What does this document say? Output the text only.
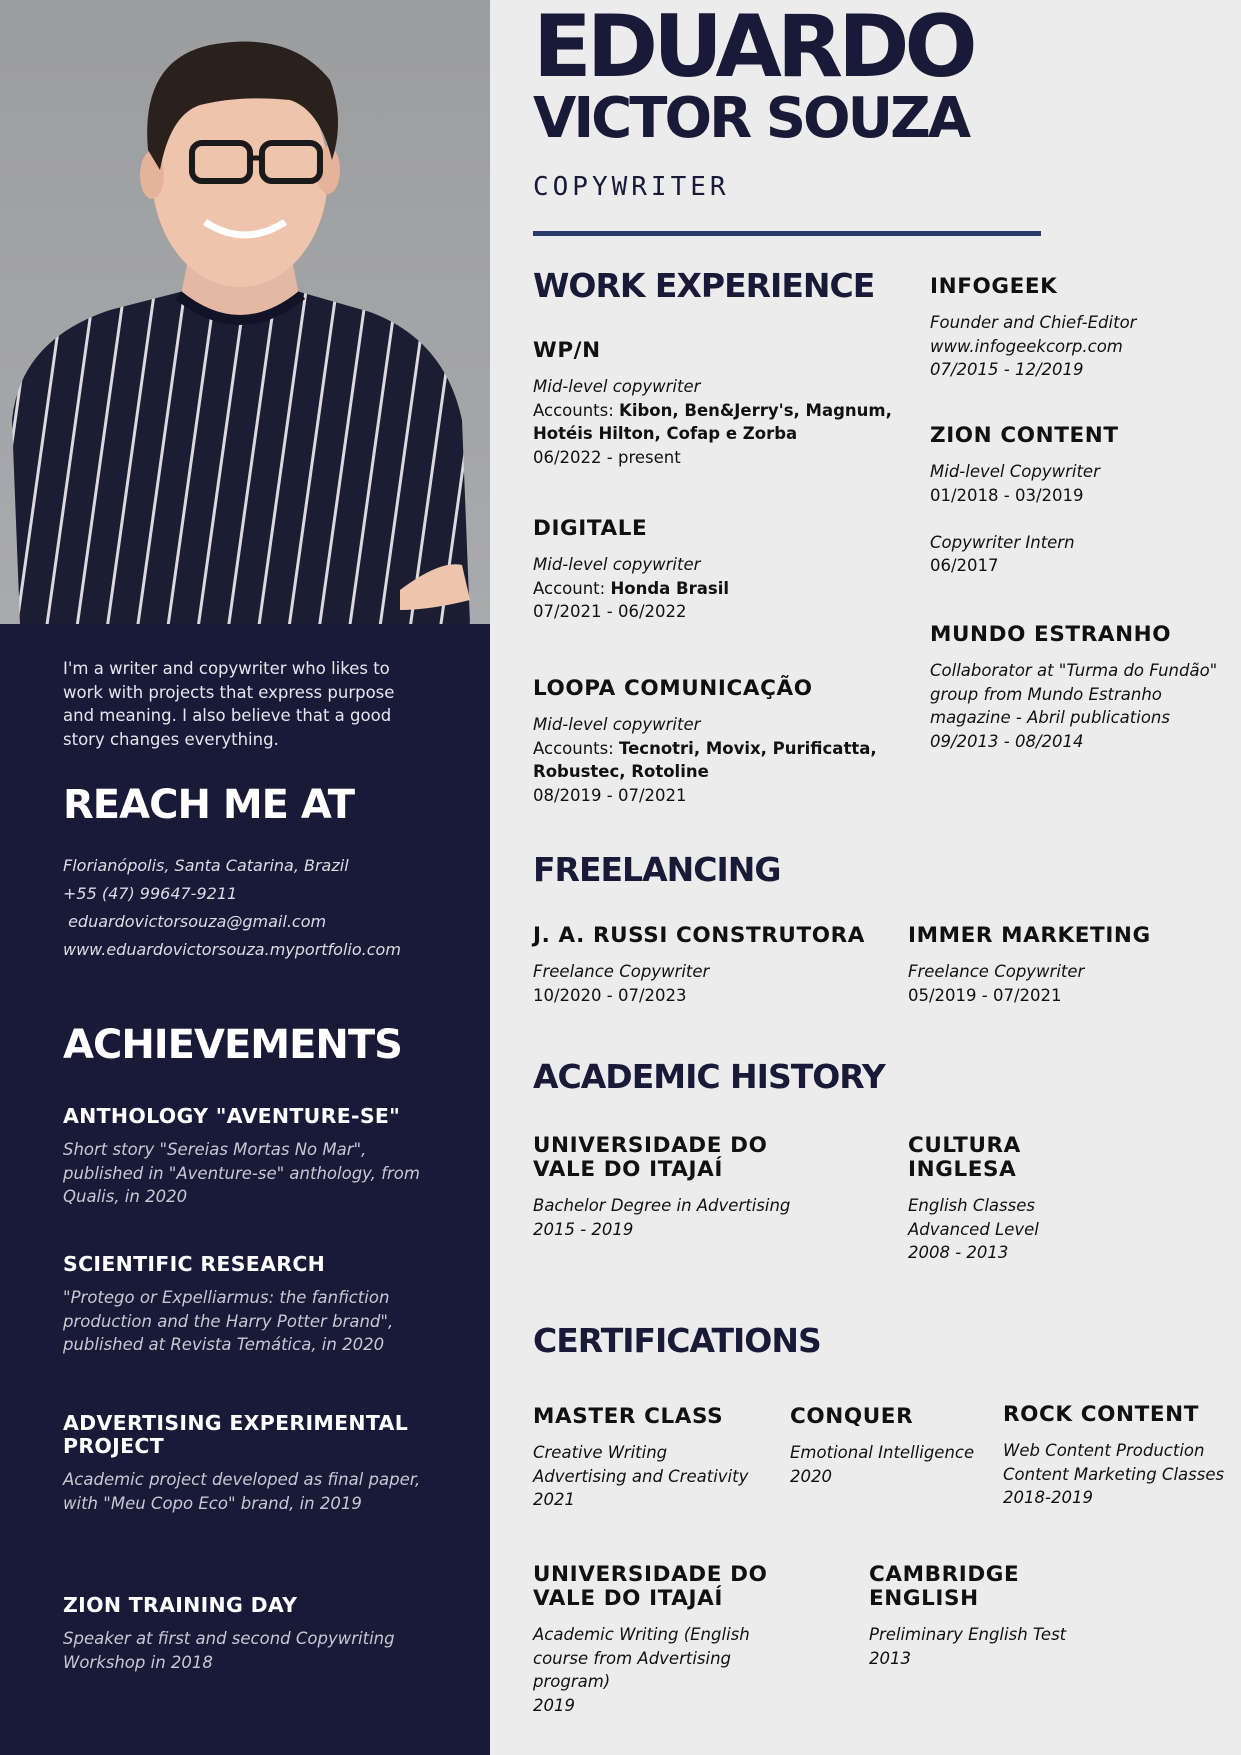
I'm a writer and copywriter who likes to work with projects that express purpose and meaning. I also believe that a good story changes everything.
REACH ME AT
Florianópolis, Santa Catarina, Brazil
+55 (47) 99647-9211
eduardovictorsouza@gmail.com
www.eduardovictorsouza.myportfolio.com
ACHIEVEMENTS
ANTHOLOGY "AVENTURE-SE"
Short story "Sereias Mortas No Mar", published in "Aventure-se" anthology, from Qualis, in 2020
SCIENTIFIC RESEARCH
"Protego or Expelliarmus: the fanfiction production and the Harry Potter brand", published at Revista Temática, in 2020
ADVERTISING EXPERIMENTAL PROJECT
Academic project developed as final paper, with "Meu Copo Eco" brand, in 2019
ZION TRAINING DAY
Speaker at first and second Copywriting Workshop in 2018
EDUARDO
VICTOR SOUZA
COPYWRITER
WORK EXPERIENCE
WP/N
Mid-level copywriter
Accounts: Kibon, Ben&Jerry's, Magnum,
Hotéis Hilton, Cofap e Zorba
06/2022 - present
DIGITALE
Mid-level copywriter
Account: Honda Brasil
07/2021 - 06/2022
LOOPA COMUNICAÇÃO
Mid-level copywriter
Accounts: Tecnotri, Movix, Purificatta,
Robustec, Rotoline
08/2019 - 07/2021
INFOGEEK
Founder and Chief-Editor
www.infogeekcorp.com
07/2015 - 12/2019
ZION CONTENT
Mid-level Copywriter
01/2018 - 03/2019
Copywriter Intern
06/2017
MUNDO ESTRANHO
Collaborator at "Turma do Fundão"
group from Mundo Estranho
magazine - Abril publications
09/2013 - 08/2014
FREELANCING
J. A. RUSSI CONSTRUTORA
Freelance Copywriter
10/2020 - 07/2023
IMMER MARKETING
Freelance Copywriter
05/2019 - 07/2021
ACADEMIC HISTORY
UNIVERSIDADE DO
VALE DO ITAJAÍ
Bachelor Degree in Advertising
2015 - 2019
CULTURA
INGLESA
English Classes
Advanced Level
2008 - 2013
CERTIFICATIONS
MASTER CLASS
Creative Writing
Advertising and Creativity
2021
CONQUER
Emotional Intelligence
2020
ROCK CONTENT
Web Content Production
Content Marketing Classes
2018-2019
UNIVERSIDADE DO
VALE DO ITAJAÍ
Academic Writing (English
course from Advertising
program)
2019
CAMBRIDGE
ENGLISH
Preliminary English Test
2013
